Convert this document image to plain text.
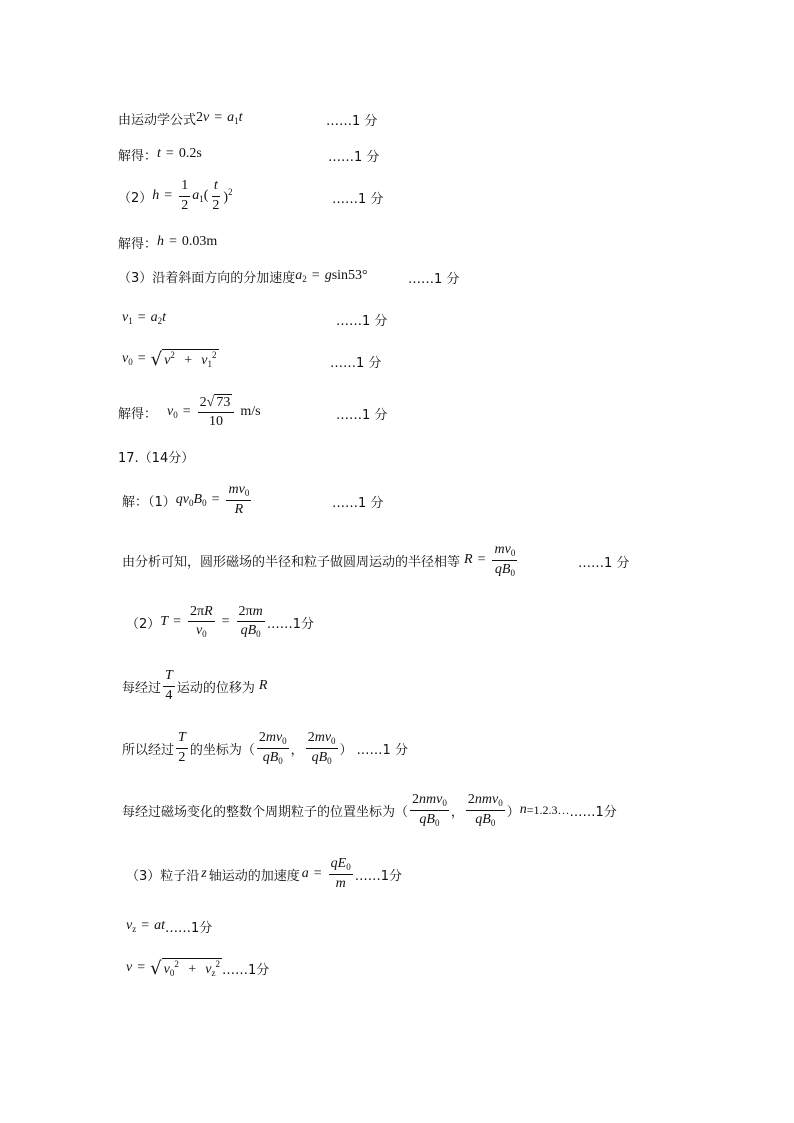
由运动学公式 2 $v = a_1$ t	……1 分
解得： t = 0.2s	……1 分
（2） $h = \frac{1}{2} a_1$ ( $\frac{t}{2} )^2$
……1 分
解得： h = 0.03m
（3）沿着斜面方向的分加速度 $a_2 = g$ sin53°	……1 分
$v_1 = a_2$ t	……1 分
$v_0$ = √ $v^2 + v_1^2$
……1 分
解得： $v_0 = \frac{2 √ 73}{10} m/s$	……1 分
17.（14分）
解：（1） q $v_0$ $B_0 = \frac{mv_0}{R}$	……1 分
由分析可知，圆形磁场的半径和粒子做圆周运动的半径相等 $R = \frac{mv_0}{qB_0}$	……1 分
（2） $T = \frac{2\pi R}{v_0} = \frac{2\pi m}{qB_0}$ ……1分
每经过 $\frac{T}{4}$ 运动的位移为 R
所以经过 $\frac{T}{2}$ 的坐标为（ $\frac{2mv_0}{qB_0}$ ， $\frac{2mv_0}{qB_0}$ ） ……1 分
每经过磁场变化的整数个周期粒子的位置坐标为（ $\frac{2nmv_0}{qB_0}$ ， $\frac{2nmv_0}{qB_0}$ ） n =1.2.3… ……1分
（3）粒子沿 z 轴运动的加速度 $a = \frac{qE_0}{m}$ ……1分
$v_z = a$ t ……1分
v = √ $v_0^2 + v_z^2$ ……1分
